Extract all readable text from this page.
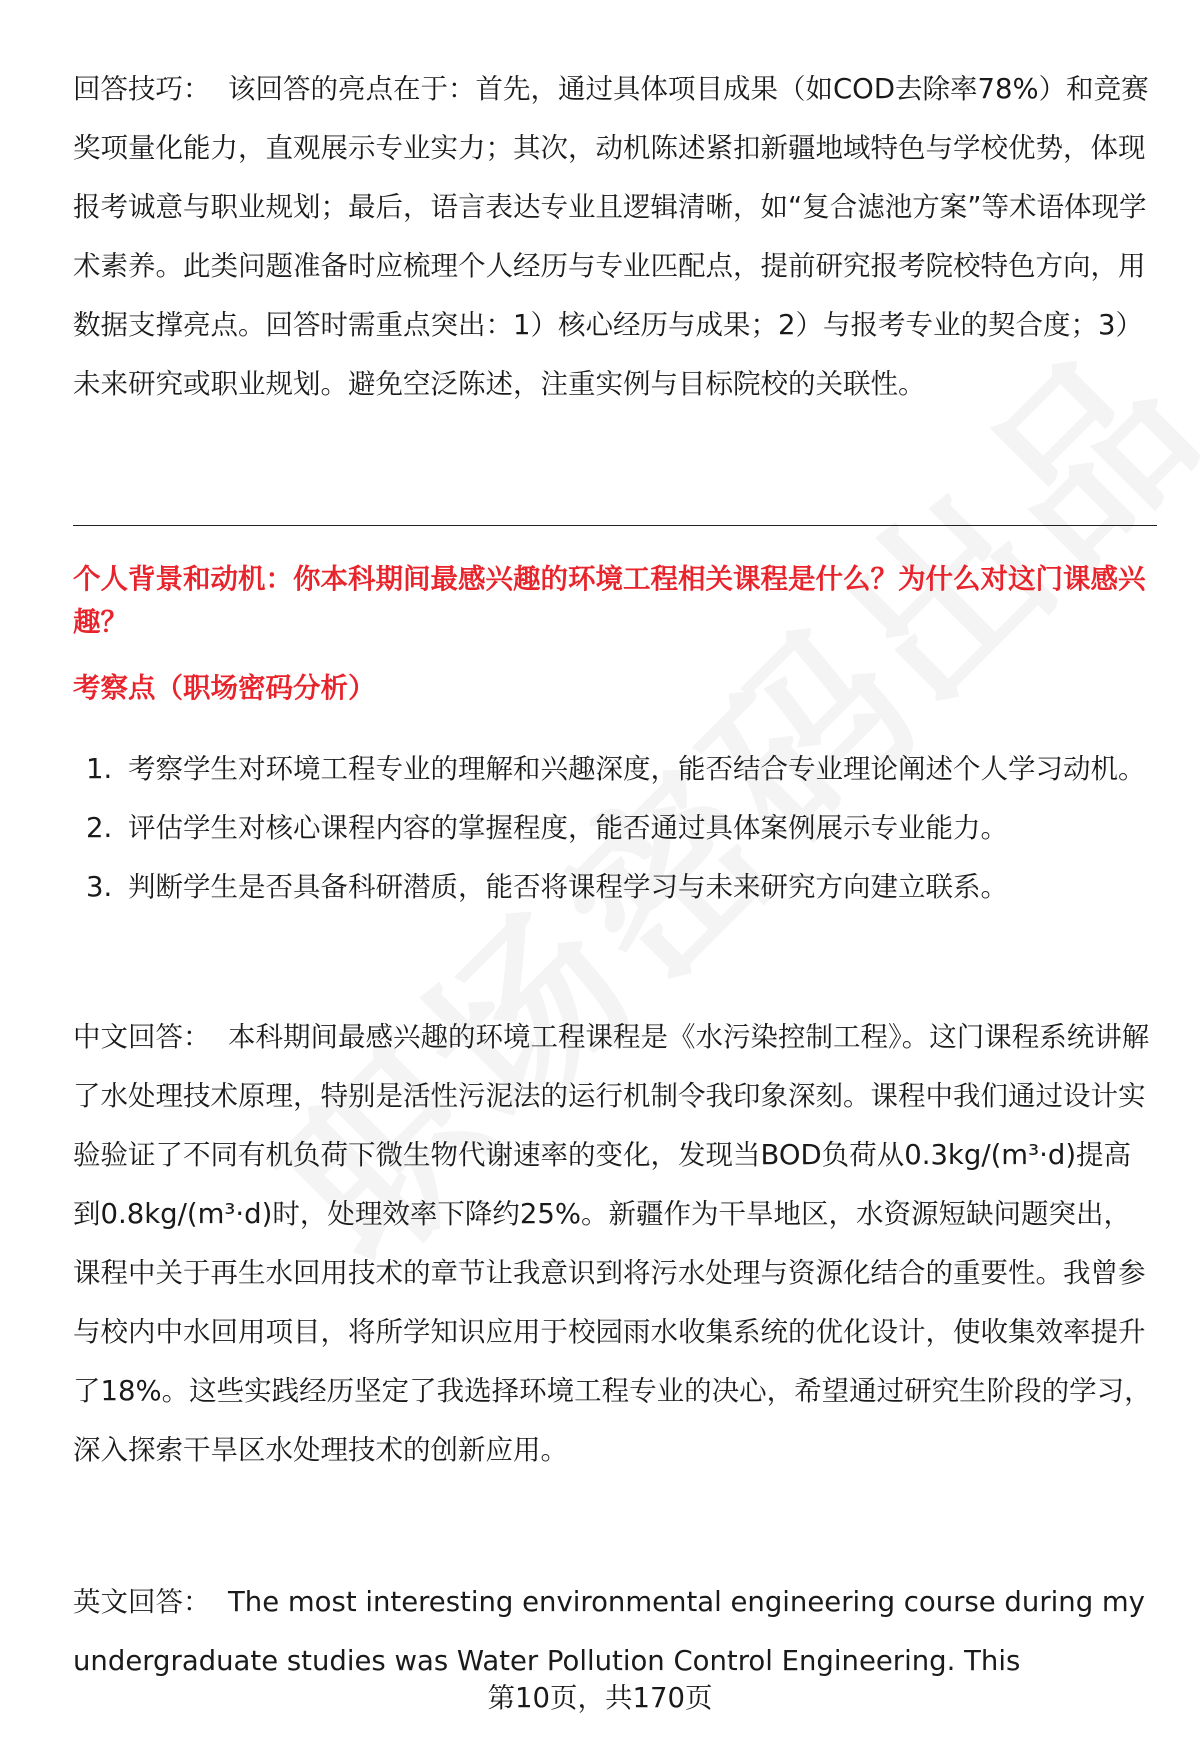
回答技巧： 该回答的亮点在于：首先，通过具体项目成果（如COD去除率78%）和竞赛奖项量化能力，直观展示专业实力；其次，动机陈述紧扣新疆地域特色与学校优势，体现报考诚意与职业规划；最后，语言表达专业且逻辑清晰，如“复合滤池方案”等术语体现学术素养。此类问题准备时应梳理个人经历与专业匹配点，提前研究报考院校特色方向，用数据支撑亮点。回答时需重点突出：1）核心经历与成果；2）与报考专业的契合度；3）未来研究或职业规划。避免空泛陈述，注重实例与目标院校的关联性。

个人背景和动机：你本科期间最感兴趣的环境工程相关课程是什么？为什么对这门课感兴趣？

考察点（职场密码分析）

1. 考察学生对环境工程专业的理解和兴趣深度，能否结合专业理论阐述个人学习动机。
2. 评估学生对核心课程内容的掌握程度，能否通过具体案例展示专业能力。
3. 判断学生是否具备科研潜质，能否将课程学习与未来研究方向建立联系。

中文回答： 本科期间最感兴趣的环境工程课程是《水污染控制工程》。这门课程系统讲解了水处理技术原理，特别是活性污泥法的运行机制令我印象深刻。课程中我们通过设计实验验证了不同有机负荷下微生物代谢速率的变化，发现当BOD负荷从0.3kg/(m³·d)提高到0.8kg/(m³·d)时，处理效率下降约25%。新疆作为干旱地区，水资源短缺问题突出，课程中关于再生水回用技术的章节让我意识到将污水处理与资源化结合的重要性。我曾参与校内中水回用项目，将所学知识应用于校园雨水收集系统的优化设计，使收集效率提升了18%。这些实践经历坚定了我选择环境工程专业的决心，希望通过研究生阶段的学习，深入探索干旱区水处理技术的创新应用。

英文回答： The most interesting environmental engineering course during my undergraduate studies was Water Pollution Control Engineering. This

第10页，共170页
